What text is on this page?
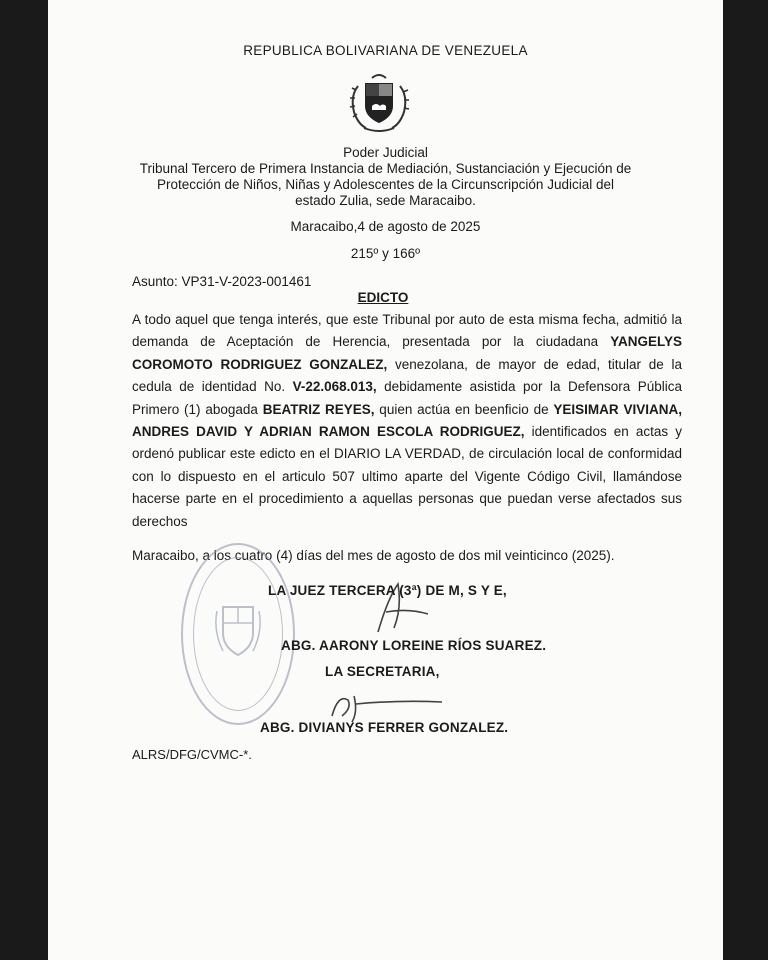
REPUBLICA BOLIVARIANA DE VENEZUELA
Poder Judicial
Tribunal Tercero de Primera Instancia de Mediación, Sustanciación y Ejecución de
Protección de Niños, Niñas y Adolescentes de la Circunscripción Judicial del
estado Zulia, sede Maracaibo.
Maracaibo,4 de agosto de 2025
215º y 166º
Asunto: VP31-V-2023-001461
EDICTO
A todo aquel que tenga interés, que este Tribunal por auto de esta misma fecha, admitió la demanda de Aceptación de Herencia, presentada por la ciudadana YANGELYS COROMOTO RODRIGUEZ GONZALEZ, venezolana, de mayor de edad, titular de la cedula de identidad No. V-22.068.013, debidamente asistida por la Defensora Pública Primero (1) abogada BEATRIZ REYES, quien actúa en beenficio de YEISIMAR VIVIANA, ANDRES DAVID Y ADRIAN RAMON ESCOLA RODRIGUEZ, identificados en actas y ordenó publicar este edicto en el DIARIO LA VERDAD, de circulación local de conformidad con lo dispuesto en el articulo 507 ultimo aparte del Vigente Código Civil, llamándose hacerse parte en el procedimiento a aquellas personas que puedan verse afectados sus derechos
Maracaibo, a los cuatro (4) días del mes de agosto de dos mil veinticinco (2025).
LA JUEZ TERCERA (3ª) DE M, S Y E,
ABG. AARONY LOREINE RÍOS SUAREZ.
LA SECRETARIA,
ABG. DIVIANYS FERRER GONZALEZ.
ALRS/DFG/CVMC-*.
